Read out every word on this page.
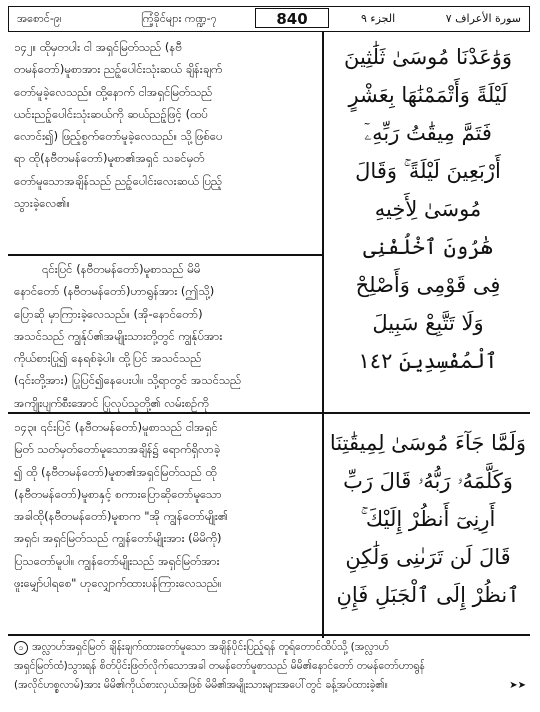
အစောင်-၉၊	ကြံ့ခိုင်များ ကဏ္ဍ-၇	840	الجزء ٩	سورة الأعراف ٧
၁၄၂။ ထိုမှတပါး ငါ အရှင်မြတ်သည် (နဗီ
တမန်တော်)မူစာအား ညဥ့်ပေါင်းသုံးဆယ် ချိန်းချက်
တော်မူခဲ့လေသည်။ ထို့နောက် ငါအရှင်မြတ်သည်
ယင်းညဥ့်ပေါင်းသုံးဆယ်ကို ဆယ်ညဥ့်ဖြင့် (ထပ်
လောင်း၍) ဖြည့်စွက်တော်မူခဲ့လေသည်။ သို့ဖြစ်ပေ
ရာ ထို(နဗီတမန်တော်)မူစာ၏အရှင် သခင်မှတ်
တော်မူသောအချိန်သည် ညဥ့်ပေါင်းလေးဆယ် ပြည့်
သွားခဲ့လေ၏။
၎င်းပြင် (နဗီတမန်တော်)မူစာသည် မိမိ
နောင်တော် (နဗီတမန်တော်)ဟာရွန်အား (ဤသို့)
ပြောဆို မှာကြားခဲ့လေသည်။ (အို-နောင်တော်)
အသင်သည် ကျွန်ုပ်၏အမျိုးသားတို့တွင် ကျွန်ုပ်အား
ကိုယ်စားပြု၍ နေရစ်ခဲ့ပါ။ ထို့ပြင် အသင်သည်
(၎င်းတို့အား) ပြုပြင်၍နေပေးပါ။ သို့ရာတွင် အသင်သည်
အကျိုးပျက်စီးအောင် ပြုလုပ်သူတို့၏ လမ်းစဉ်ကို
၁၄၃။ ၎င်းပြင် (နဗီတမန်တော်)မူစာသည် ငါအရှင်
မြတ် သတ်မှတ်တော်မူသောအချိန်၌ ရောက်ရှိလာခဲ့
၍ ထို (နဗီတမန်တော်)မူစာ၏အရှင်မြတ်သည် ထို
(နဗီတမန်တော်)မူစာနှင့် စကားပြောဆိုတော်မူသော
အခါထို(နဗီတမန်တော်)မူစာက "အို ကျွန်တော်မျိုး၏
အရှင်၊ အရှင်မြတ်သည် ကျွန်တော်မျိုးအား (မိမိကို)
ပြသတော်မူပါ။ ကျွန်တော်မျိုးသည် အရှင်မြတ်အား
ဖူးမျှော်ပါရစေ" ဟုလျှောက်ထားပန်ကြားလေသည်။
وَوَٰعَدْنَا مُوسَىٰ ثَلَٰثِينَ
لَيْلَةً وَأَتْمَمْنَٰهَا بِعَشْرٍ
فَتَمَّ مِيقَٰتُ رَبِّهِۦٓ
أَرْبَعِينَ لَيْلَةً ۚ وَقَالَ
مُوسَىٰ لِأَخِيهِ
هَٰرُونَ ٱخْلُفْنِى
فِى قَوْمِى وَأَصْلِحْ
وَلَا تَتَّبِعْ سَبِيلَ
ٱلْمُفْسِدِينَ ١٤٢
وَلَمَّا جَآءَ مُوسَىٰ لِمِيقَٰتِنَا
وَكَلَّمَهُۥ رَبُّهُۥ قَالَ رَبِّ
أَرِنِىٓ أَنظُرْ إِلَيْكَ ۚ
قَالَ لَن تَرَىٰنِى وَلَٰكِنِ
ٱنظُرْ إِلَى ٱلْجَبَلِ فَإِنِ
၁ အလ္လာဟ်အရှင်မြတ် ချိန်းချက်ထားတော်မူသော အချိန်ပိုင်းပြည့်ရန် တူရ်တောင်ထိပ်သို့ (အလ္လာဟ်
အရှင်မြတ်ထံ)သွားရန် စိတ်ပိုင်းဖြတ်လိုက်သောအခါ တမန်တော်မူစာသည် မိမိ၏နောင်တော် တမန်တော်ဟာရွန်
(အလိုင်ဟစ္စလာမ်)အား မိမိ၏ကိုယ်စားလှယ်အဖြစ် မိမိ၏အမျိုးသားများအပေါ်တွင် ခန့်အပ်ထားခဲ့၏။	➤➤
